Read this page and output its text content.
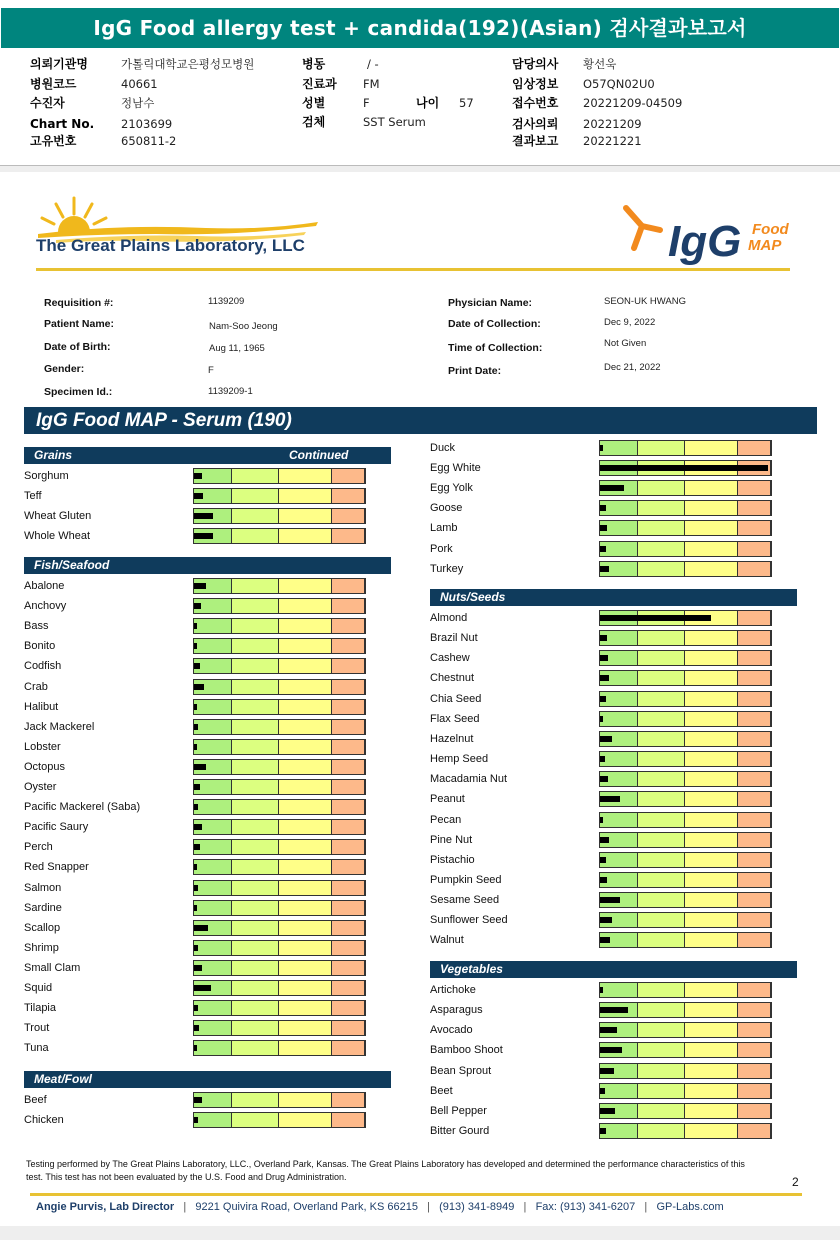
IgG Food allergy test + candida(192)(Asian) 검사결과보고서
의뢰기관명	가톨릭대학교은평성모병원
병원코드	40661
수진자	정남수
Chart No. 2103699
고유번호	650811-2
병동	/ -
진료과 FM
성별	F	나이 57
검체	SST Serum
담당의사 황선욱
임상정보 O57QN02U0
접수번호 20221209-04509
검사의뢰 20221209
결과보고 20221221
The Great Plains Laboratory, LLC	IgG Food
MAP
Requisition #:	1139209
Patient Name:	Nam-Soo Jeong
Date of Birth:	Aug 11, 1965
Gender:	F
Specimen Id.:	1139209-1
Physician Name:	SEON-UK HWANG
Date of Collection:	Dec 9, 2022
Time of Collection:	Not Given
Print Date:	Dec 21, 2022
IgG Food MAP - Serum (190)
Grains	Continued
Fish/Seafood
Meat/Fowl
Nuts/Seeds
Vegetables
Sorghum
Teff
Wheat Gluten
Whole Wheat
Abalone
Anchovy
Bass
Bonito
Codfish
Crab
Halibut
Jack Mackerel
Lobster
Octopus
Oyster
Pacific Mackerel (Saba)
Pacific Saury
Perch
Red Snapper
Salmon
Sardine
Scallop
Shrimp
Small Clam
Squid
Tilapia
Trout
Tuna
Beef
Chicken
Duck
Egg White
Egg Yolk
Goose
Lamb
Pork
Turkey
Almond
Brazil Nut
Cashew
Chestnut
Chia Seed
Flax Seed
Hazelnut
Hemp Seed
Macadamia Nut
Peanut
Pecan
Pine Nut
Pistachio
Pumpkin Seed
Sesame Seed
Sunflower Seed
Walnut
Artichoke
Asparagus
Avocado
Bamboo Shoot
Bean Sprout
Beet
Bell Pepper
Bitter Gourd
Testing performed by The Great Plains Laboratory, LLC., Overland Park, Kansas. The Great Plains Laboratory has developed and determined the performance characteristics of this test. This test has not been evaluated by the U.S. Food and Drug Administration.	2
Angie Purvis, Lab Director | 9221 Quivira Road, Overland Park, KS 66215 | (913) 341-8949 | Fax: (913) 341-6207 | GP-Labs.com
